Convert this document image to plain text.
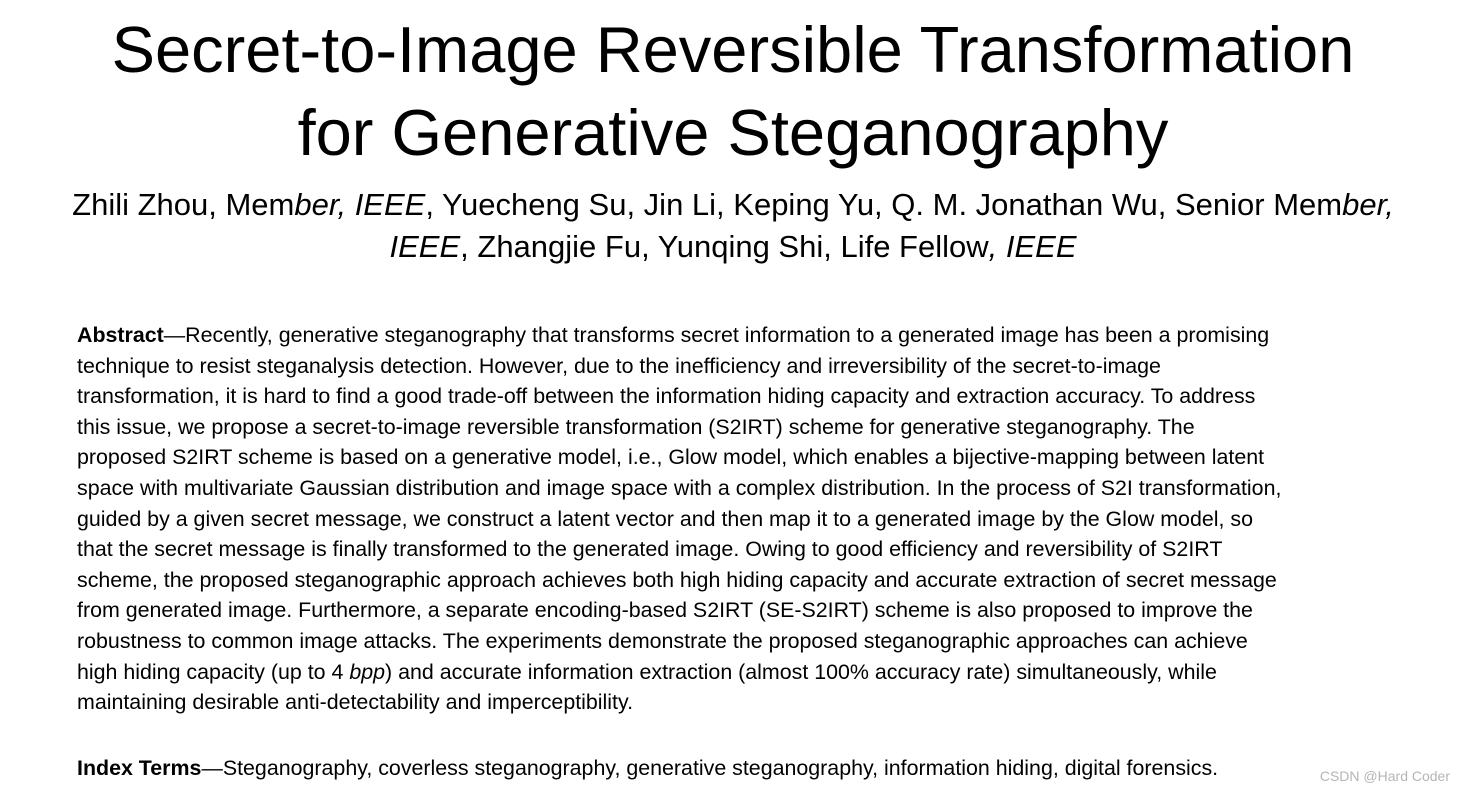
Secret-to-Image Reversible Transformation
for Generative Steganography
Zhili Zhou, Member, IEEE, Yuecheng Su, Jin Li, Keping Yu, Q. M. Jonathan Wu, Senior Member,
IEEE, Zhangjie Fu, Yunqing Shi, Life Fellow, IEEE
Abstract—Recently, generative steganography that transforms secret information to a generated image has been a promising
technique to resist steganalysis detection. However, due to the inefficiency and irreversibility of the secret-to-image
transformation, it is hard to find a good trade-off between the information hiding capacity and extraction accuracy. To address
this issue, we propose a secret-to-image reversible transformation (S2IRT) scheme for generative steganography. The
proposed S2IRT scheme is based on a generative model, i.e., Glow model, which enables a bijective-mapping between latent
space with multivariate Gaussian distribution and image space with a complex distribution. In the process of S2I transformation,
guided by a given secret message, we construct a latent vector and then map it to a generated image by the Glow model, so
that the secret message is finally transformed to the generated image. Owing to good efficiency and reversibility of S2IRT
scheme, the proposed steganographic approach achieves both high hiding capacity and accurate extraction of secret message
from generated image. Furthermore, a separate encoding-based S2IRT (SE-S2IRT) scheme is also proposed to improve the
robustness to common image attacks. The experiments demonstrate the proposed steganographic approaches can achieve
high hiding capacity (up to 4 bpp) and accurate information extraction (almost 100% accuracy rate) simultaneously, while
maintaining desirable anti-detectability and imperceptibility.
Index Terms—Steganography, coverless steganography, generative steganography, information hiding, digital forensics.	CSDN @Hard Coder
